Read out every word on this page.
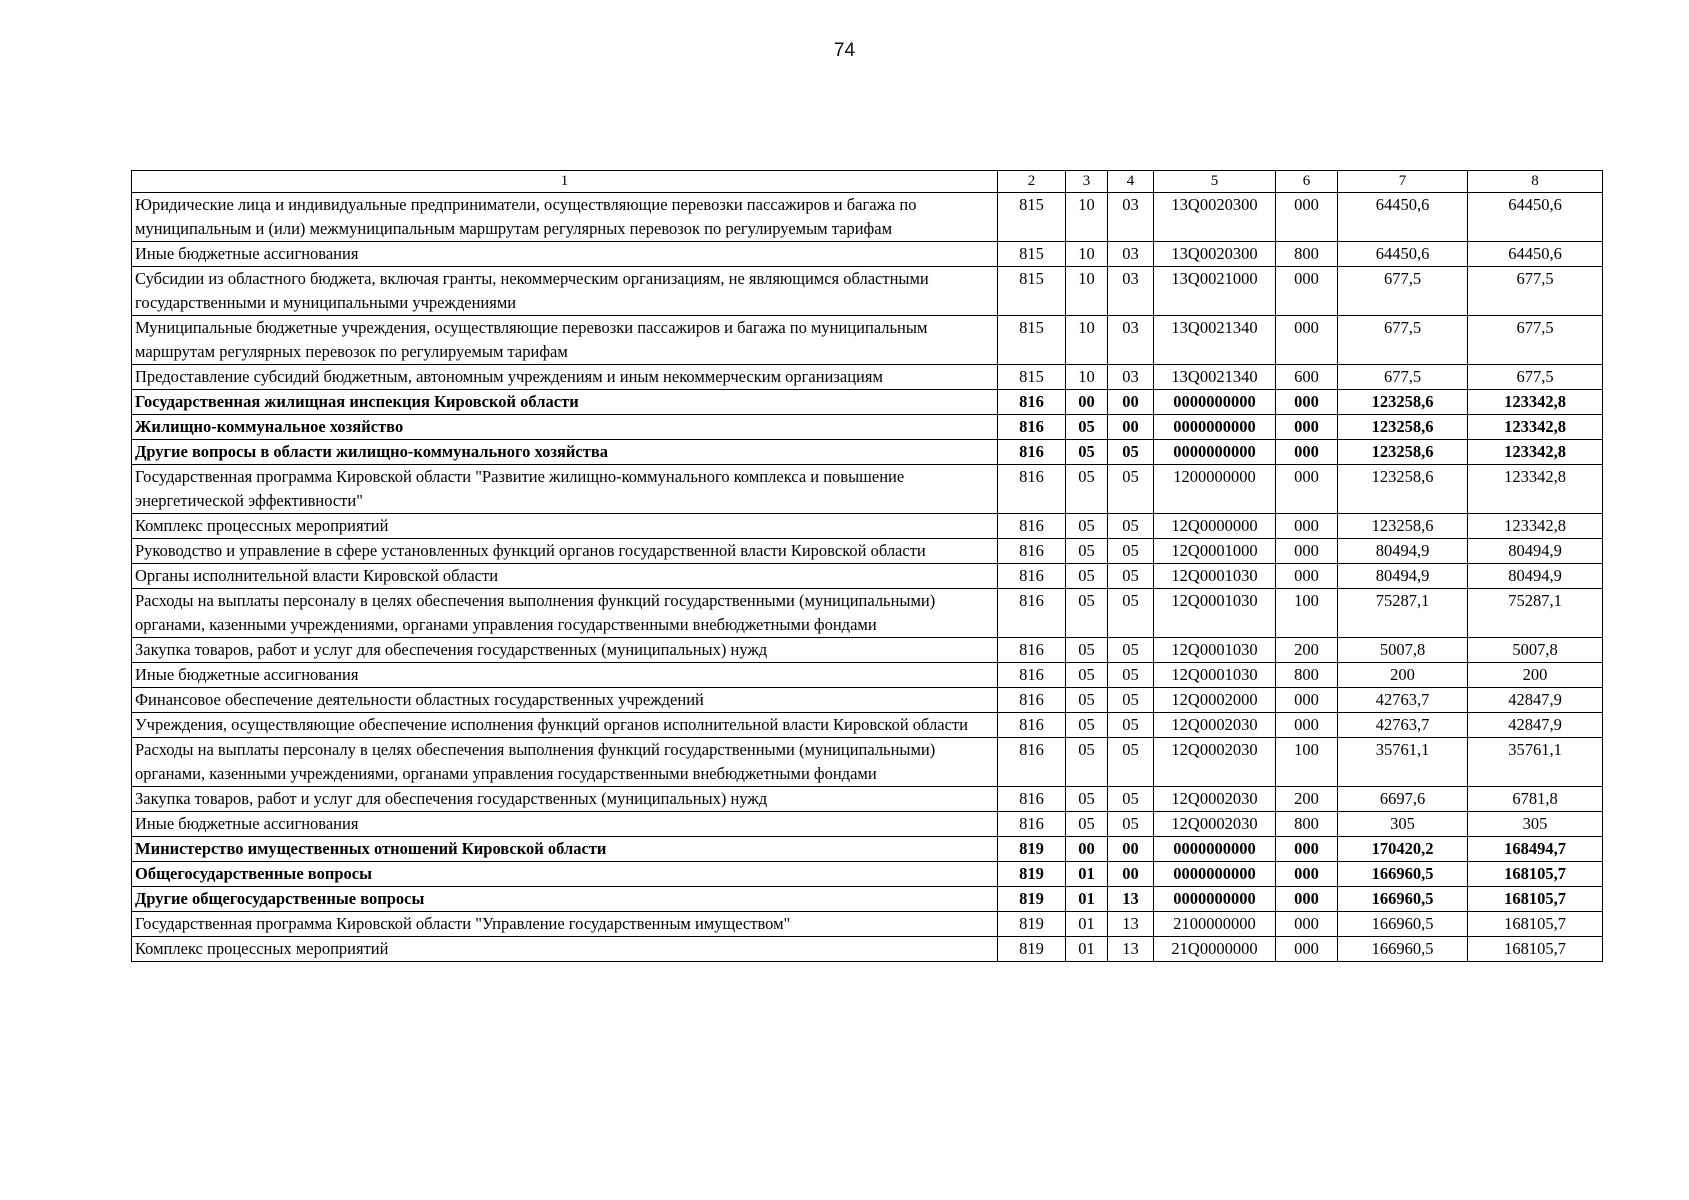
74
1	2	3	4	5	6	7	8
Юридические лица и индивидуальные предприниматели, осуществляющие перевозки пассажиров и багажа по муниципальным и (или) межмуниципальным маршрутам регулярных перевозок по регулируемым тарифам	815	10	03	13Q0020300	000	64450,6	64450,6
Иные бюджетные ассигнования	815	10	03	13Q0020300	800	64450,6	64450,6
Субсидии из областного бюджета, включая гранты, некоммерческим организациям, не являющимся областными государственными и муниципальными учреждениями	815	10	03	13Q0021000	000	677,5	677,5
Муниципальные бюджетные учреждения, осуществляющие перевозки пассажиров и багажа по муниципальным маршрутам регулярных перевозок по регулируемым тарифам	815	10	03	13Q0021340	000	677,5	677,5
Предоставление субсидий бюджетным, автономным учреждениям и иным некоммерческим организациям	815	10	03	13Q0021340	600	677,5	677,5
Государственная жилищная инспекция Кировской области	816	00	00	0000000000	000	123258,6	123342,8
Жилищно-коммунальное хозяйство	816	05	00	0000000000	000	123258,6	123342,8
Другие вопросы в области жилищно-коммунального хозяйства	816	05	05	0000000000	000	123258,6	123342,8
Государственная программа Кировской области "Развитие жилищно-коммунального комплекса и повышение энергетической эффективности"	816	05	05	1200000000	000	123258,6	123342,8
Комплекс процессных мероприятий	816	05	05	12Q0000000	000	123258,6	123342,8
Руководство и управление в сфере установленных функций органов государственной власти Кировской области	816	05	05	12Q0001000	000	80494,9	80494,9
Органы исполнительной власти Кировской области	816	05	05	12Q0001030	000	80494,9	80494,9
Расходы на выплаты персоналу в целях обеспечения выполнения функций государственными (муниципальными) органами, казенными учреждениями, органами управления государственными внебюджетными фондами	816	05	05	12Q0001030	100	75287,1	75287,1
Закупка товаров, работ и услуг для обеспечения государственных (муниципальных) нужд	816	05	05	12Q0001030	200	5007,8	5007,8
Иные бюджетные ассигнования	816	05	05	12Q0001030	800	200	200
Финансовое обеспечение деятельности областных государственных учреждений	816	05	05	12Q0002000	000	42763,7	42847,9
Учреждения, осуществляющие обеспечение исполнения функций органов исполнительной власти Кировской области	816	05	05	12Q0002030	000	42763,7	42847,9
Расходы на выплаты персоналу в целях обеспечения выполнения функций государственными (муниципальными) органами, казенными учреждениями, органами управления государственными внебюджетными фондами	816	05	05	12Q0002030	100	35761,1	35761,1
Закупка товаров, работ и услуг для обеспечения государственных (муниципальных) нужд	816	05	05	12Q0002030	200	6697,6	6781,8
Иные бюджетные ассигнования	816	05	05	12Q0002030	800	305	305
Министерство имущественных отношений Кировской области	819	00	00	0000000000	000	170420,2	168494,7
Общегосударственные вопросы	819	01	00	0000000000	000	166960,5	168105,7
Другие общегосударственные вопросы	819	01	13	0000000000	000	166960,5	168105,7
Государственная программа Кировской области "Управление государственным имуществом"	819	01	13	2100000000	000	166960,5	168105,7
Комплекс процессных мероприятий	819	01	13	21Q0000000	000	166960,5	168105,7
